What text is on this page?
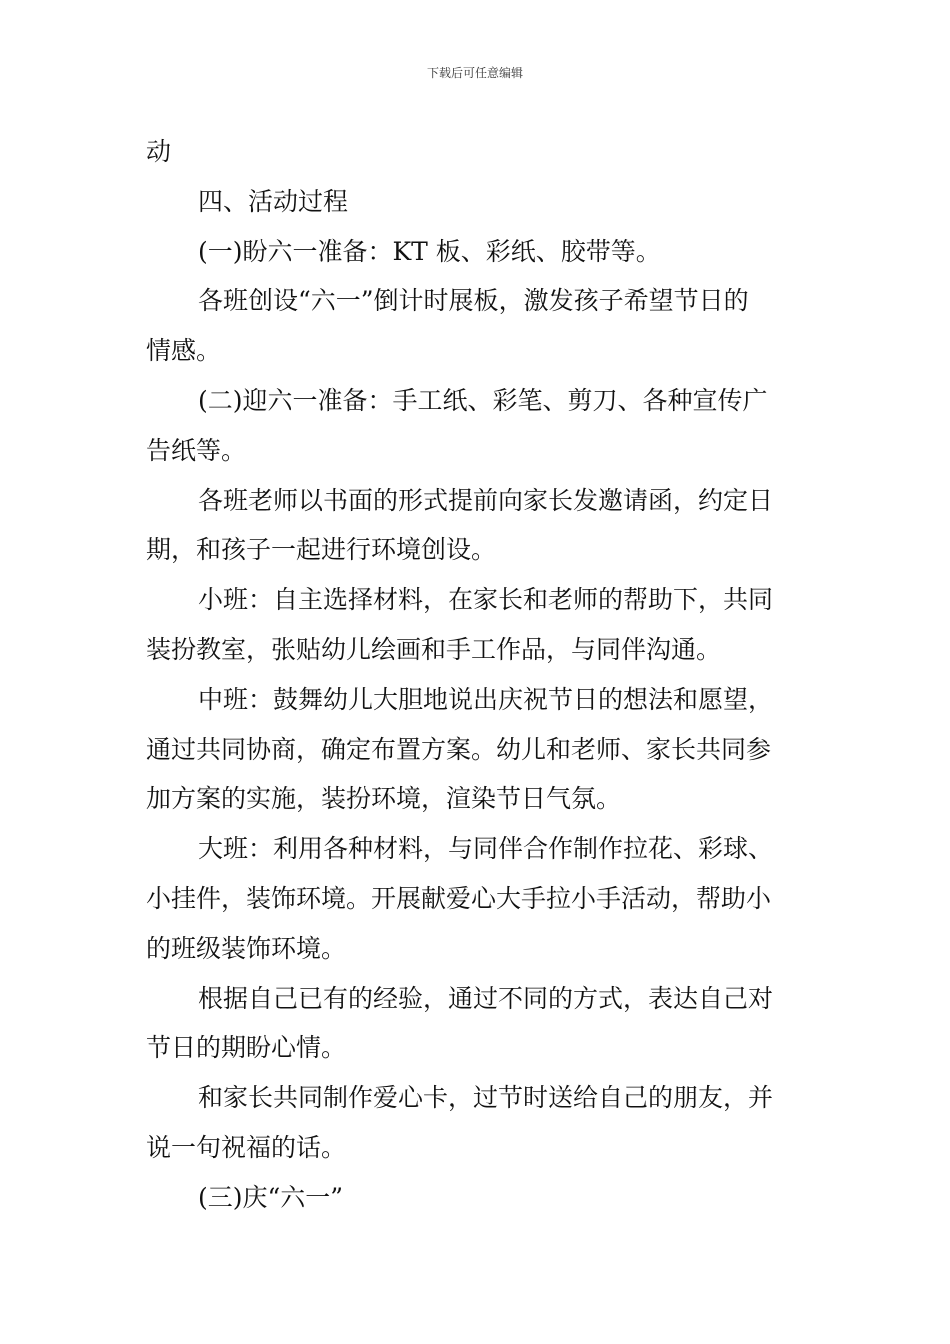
下载后可任意编辑
动
四、活动过程
(一)盼六一准备：KT 板、彩纸、胶带等。
各班创设“六一”倒计时展板，激发孩子希望节日的
情感。
(二)迎六一准备：手工纸、彩笔、剪刀、各种宣传广
告纸等。
各班老师以书面的形式提前向家长发邀请函，约定日
期，和孩子一起进行环境创设。
小班：自主选择材料，在家长和老师的帮助下，共同
装扮教室，张贴幼儿绘画和手工作品，与同伴沟通。
中班：鼓舞幼儿大胆地说出庆祝节日的想法和愿望，
通过共同协商，确定布置方案。幼儿和老师、家长共同参
加方案的实施，装扮环境，渲染节日气氛。
大班：利用各种材料，与同伴合作制作拉花、彩球、
小挂件，装饰环境。开展献爱心大手拉小手活动，帮助小
的班级装饰环境。
根据自己已有的经验，通过不同的方式，表达自己对
节日的期盼心情。
和家长共同制作爱心卡，过节时送给自己的朋友，并
说一句祝福的话。
(三)庆“六一”
